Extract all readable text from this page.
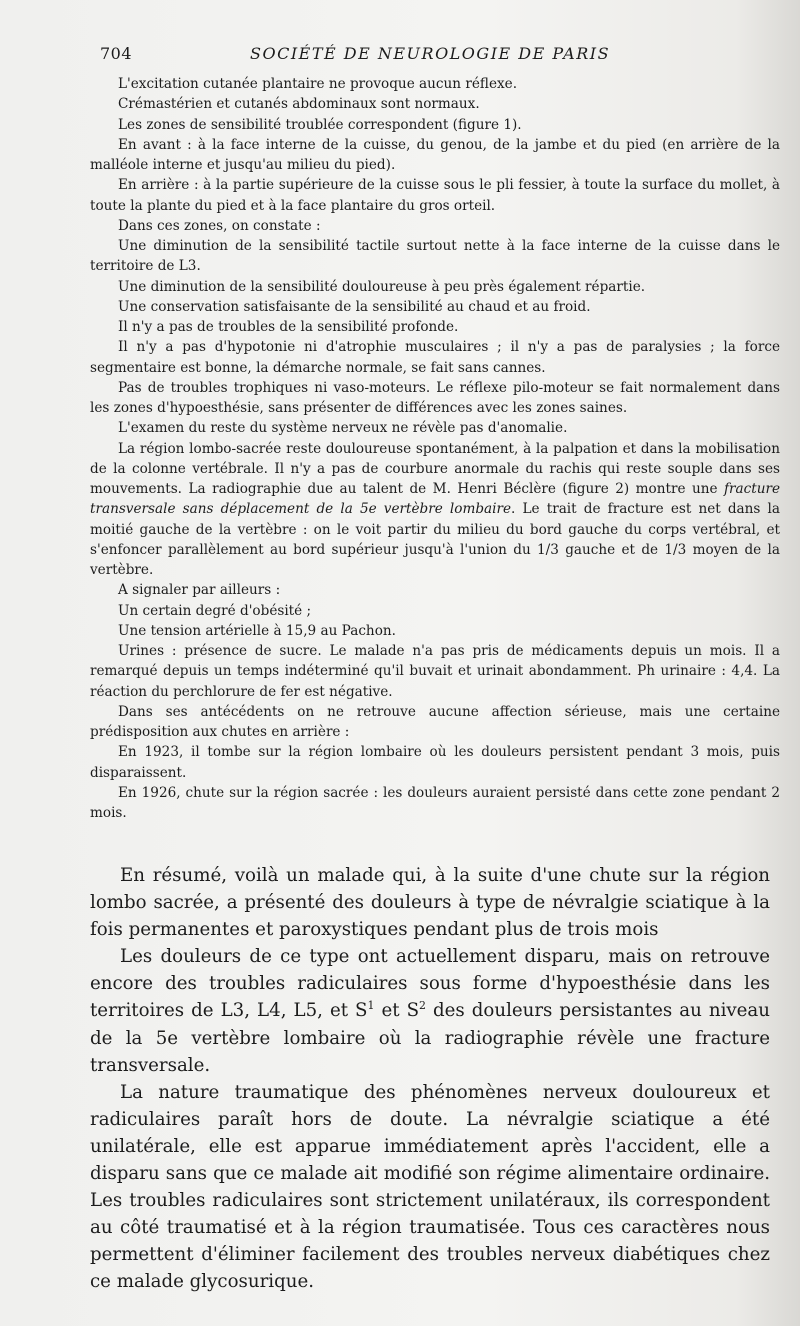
704	SOCIÉTÉ DE NEUROLOGIE DE PARIS

L'excitation cutanée plantaire ne provoque aucun réflexe.

Crémastérien et cutanés abdominaux sont normaux.

Les zones de sensibilité troublée correspondent (figure 1).

En avant : à la face interne de la cuisse, du genou, de la jambe et du pied (en arrière de la malléole interne et jusqu'au milieu du pied).

En arrière : à la partie supérieure de la cuisse sous le pli fessier, à toute la surface du mollet, à toute la plante du pied et à la face plantaire du gros orteil.

Dans ces zones, on constate :

Une diminution de la sensibilité tactile surtout nette à la face interne de la cuisse dans le territoire de L3.

Une diminution de la sensibilité douloureuse à peu près également répartie.

Une conservation satisfaisante de la sensibilité au chaud et au froid.

Il n'y a pas de troubles de la sensibilité profonde.

Il n'y a pas d'hypotonie ni d'atrophie musculaires ; il n'y a pas de paralysies ; la force segmentaire est bonne, la démarche normale, se fait sans cannes.

Pas de troubles trophiques ni vaso-moteurs. Le réflexe pilo-moteur se fait normalement dans les zones d'hypoesthésie, sans présenter de différences avec les zones saines.

L'examen du reste du système nerveux ne révèle pas d'anomalie.

La région lombo-sacrée reste douloureuse spontanément, à la palpation et dans la mobilisation de la colonne vertébrale. Il n'y a pas de courbure anormale du rachis qui reste souple dans ses mouvements. La radiographie due au talent de M. Henri Béclère (figure 2) montre une fracture transversale sans déplacement de la 5e vertèbre lombaire. Le trait de fracture est net dans la moitié gauche de la vertèbre : on le voit partir du milieu du bord gauche du corps vertébral, et s'enfoncer parallèlement au bord supérieur jusqu'à l'union du 1/3 gauche et de 1/3 moyen de la vertèbre.

A signaler par ailleurs :

Un certain degré d'obésité ;

Une tension artérielle à 15,9 au Pachon.

Urines : présence de sucre. Le malade n'a pas pris de médicaments depuis un mois. Il a remarqué depuis un temps indéterminé qu'il buvait et urinait abondamment. Ph urinaire : 4,4. La réaction du perchlorure de fer est négative.

Dans ses antécédents on ne retrouve aucune affection sérieuse, mais une certaine prédisposition aux chutes en arrière :

En 1923, il tombe sur la région lombaire où les douleurs persistent pendant 3 mois, puis disparaissent.

En 1926, chute sur la région sacrée : les douleurs auraient persisté dans cette zone pendant 2 mois.

En résumé, voilà un malade qui, à la suite d'une chute sur la région lombo sacrée, a présenté des douleurs à type de névralgie sciatique à la fois permanentes et paroxystiques pendant plus de trois mois

Les douleurs de ce type ont actuellement disparu, mais on retrouve encore des troubles radiculaires sous forme d'hypoesthésie dans les territoires de L3, L4, L5, et $S^1$ et $S^2$ des douleurs persistantes au niveau de la 5e vertèbre lombaire où la radiographie révèle une fracture transversale.

La nature traumatique des phénomènes nerveux douloureux et radiculaires paraît hors de doute. La névralgie sciatique a été unilatérale, elle est apparue immédiatement après l'accident, elle a disparu sans que ce malade ait modifié son régime alimentaire ordinaire. Les troubles radiculaires sont strictement unilatéraux, ils correspondent au côté traumatisé et à la région traumatisée. Tous ces caractères nous permettent d'éliminer facilement des troubles nerveux diabétiques chez ce malade glycosurique.
